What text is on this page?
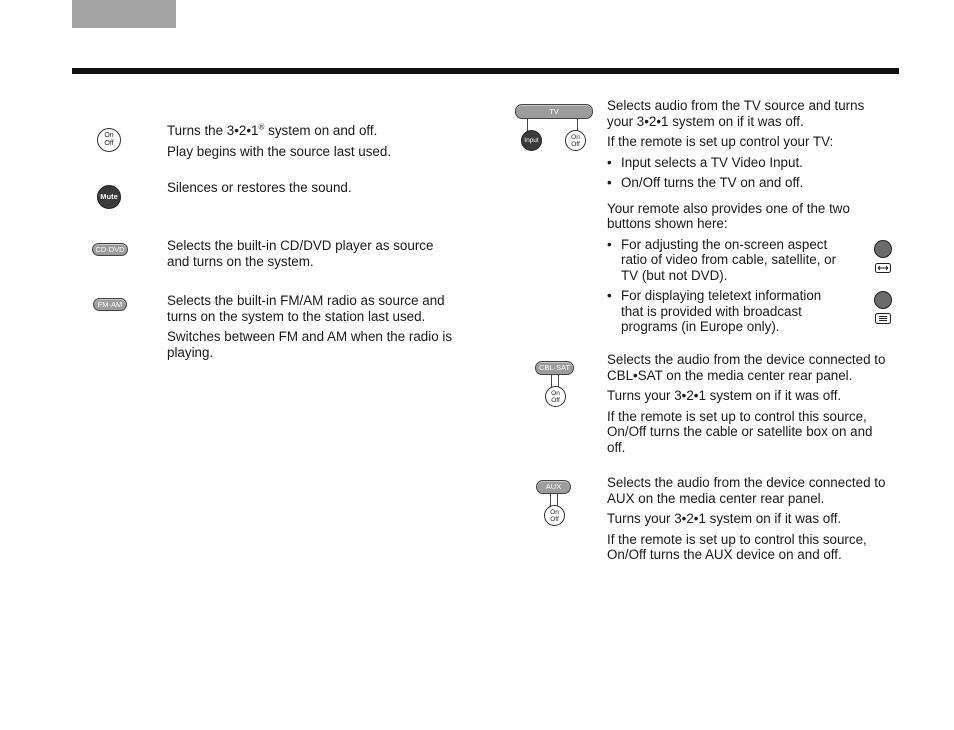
On
Off

Turns the 3•2•1® system on and off.

Play begins with the source last used.

Mute

Silences or restores the sound.

CD·DVD	Selects the built-in CD/DVD player as source and turns on the system.

FM·AM	Selects the built-in FM/AM radio as source and turns on the system to the station last used.

Switches between FM and AM when the radio is playing.

TV
Input	On
Off

Selects audio from the TV source and turns your 3•2•1 system on if it was off.

If the remote is set up control your TV:

• Input selects a TV Video Input.

• On/Off turns the TV on and off.

Your remote also provides one of the two buttons shown here:

• For adjusting the on-screen aspect ratio of video from cable, satellite, or TV (but not DVD).

• For displaying teletext information that is provided with broadcast programs (in Europe only).

CBL·SAT
On
Off

Selects the audio from the device connected to CBL•SAT on the media center rear panel.

Turns your 3•2•1 system on if it was off.

If the remote is set up to control this source, On/Off turns the cable or satellite box on and off.

AUX
On
Off

Selects the audio from the device connected to AUX on the media center rear panel.

Turns your 3•2•1 system on if it was off.

If the remote is set up to control this source, On/Off turns the AUX device on and off.
